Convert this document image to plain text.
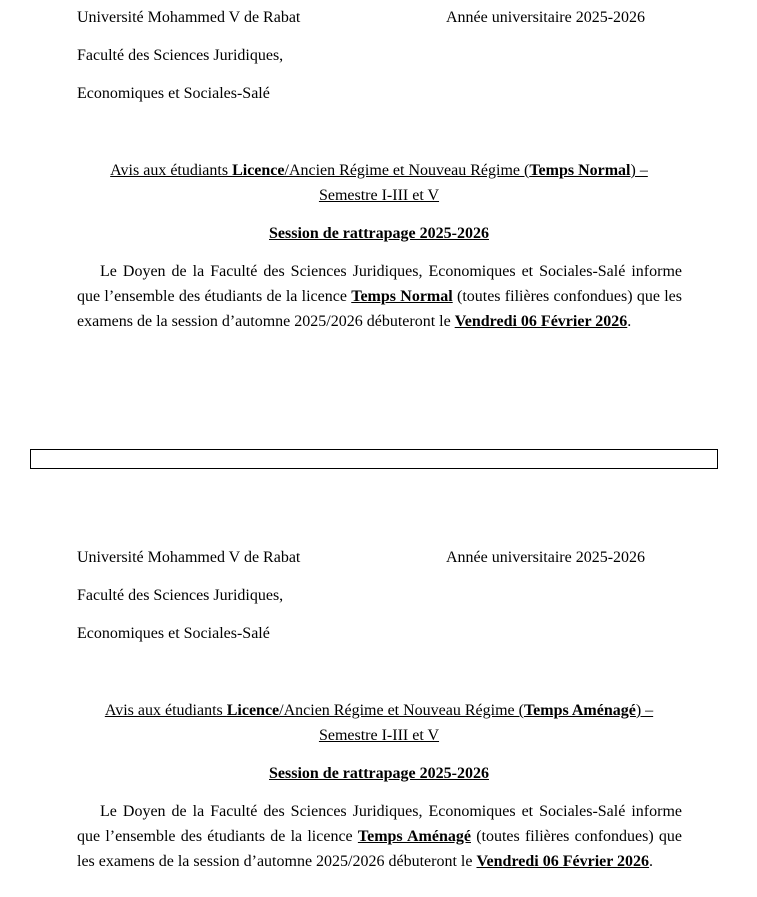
Université Mohammed V de Rabat	Année universitaire 2025-2026
Faculté des Sciences Juridiques,
Economiques et Sociales-Salé
Avis aux étudiants Licence/Ancien Régime et Nouveau Régime (Temps Normal) – Semestre I-III et V
Session de rattrapage 2025-2026

Le Doyen de la Faculté des Sciences Juridiques, Economiques et Sociales-Salé informe que l’ensemble des étudiants de la licence Temps Normal (toutes filières confondues) que les examens de la session d’automne 2025/2026 débuteront le Vendredi 06 Février 2026.

Université Mohammed V de Rabat	Année universitaire 2025-2026
Faculté des Sciences Juridiques,
Economiques et Sociales-Salé
Avis aux étudiants Licence/Ancien Régime et Nouveau Régime (Temps Aménagé) – Semestre I-III et V
Session de rattrapage 2025-2026

Le Doyen de la Faculté des Sciences Juridiques, Economiques et Sociales-Salé informe que l’ensemble des étudiants de la licence Temps Aménagé (toutes filières confondues) que les examens de la session d’automne 2025/2026 débuteront le Vendredi 06 Février 2026.
